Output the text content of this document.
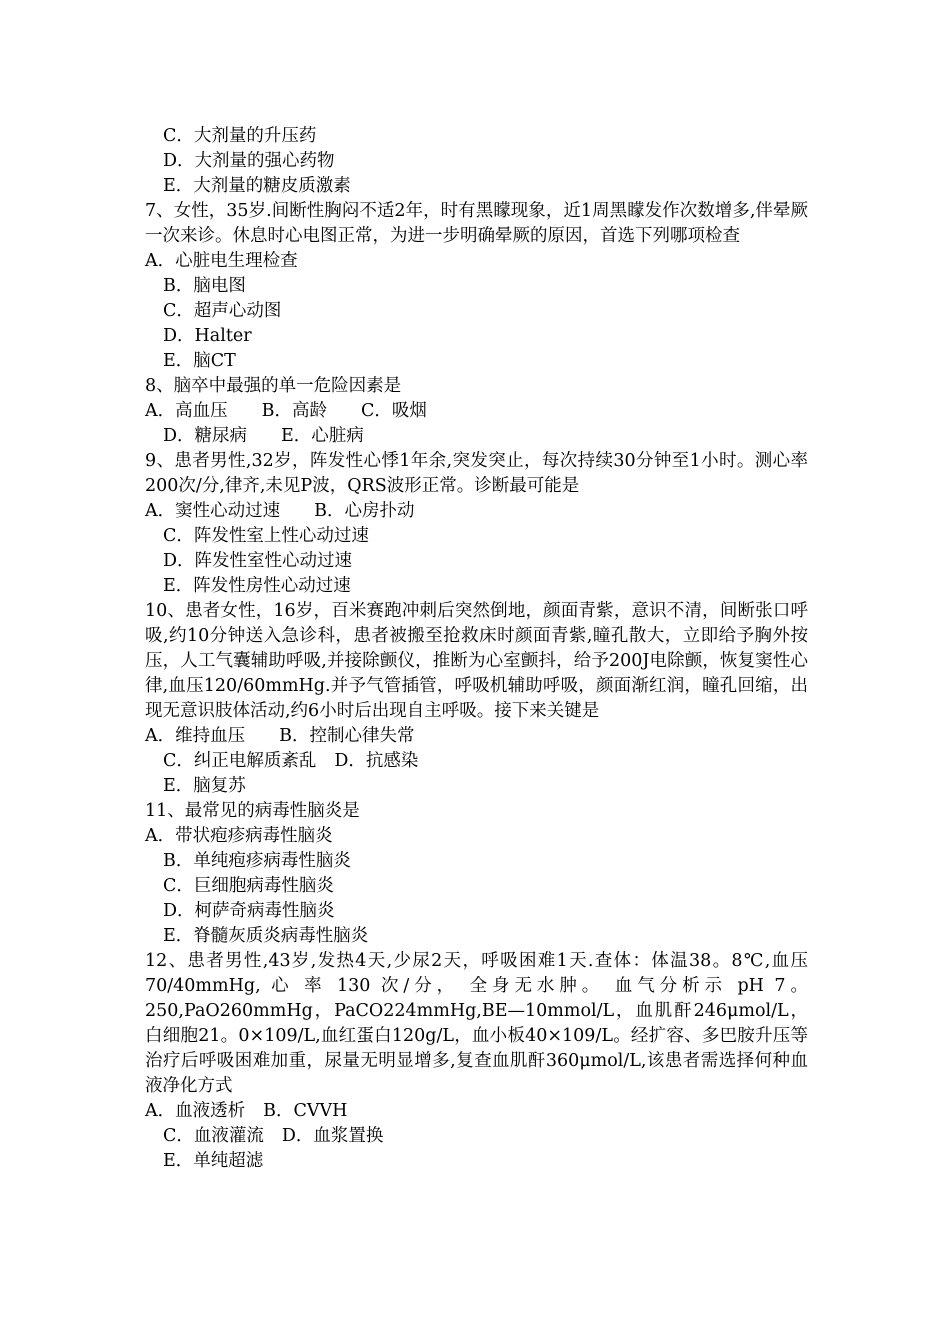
C．大剂量的升压药
D．大剂量的强心药物
E．大剂量的糖皮质激素
7、女性，35岁.间断性胸闷不适2年，时有黑矇现象，近1周黑矇发作次数增多,伴晕厥一次来诊。休息时心电图正常，为进一步明确晕厥的原因，首选下列哪项检查
A．心脏电生理检查
B．脑电图
C．超声心动图
D．Halter
E．脑CT
8、脑卒中最强的单一危险因素是
A．高血压 B．高龄 C．吸烟
D．糖尿病 E．心脏病
9、患者男性,32岁，阵发性心悸1年余,突发突止，每次持续30分钟至1小时。测心率200次/分,律齐,未见P波，QRS波形正常。诊断最可能是
A．窦性心动过速 B．心房扑动
C．阵发性室上性心动过速
D．阵发性室性心动过速
E．阵发性房性心动过速
10、患者女性，16岁，百米赛跑冲刺后突然倒地，颜面青紫，意识不清，间断张口呼吸,约10分钟送入急诊科，患者被搬至抢救床时颜面青紫,瞳孔散大，立即给予胸外按压，人工气囊辅助呼吸,并接除颤仪，推断为心室颤抖，给予200J电除颤，恢复窦性心律,血压120/60mmHg.并予气管插管，呼吸机辅助呼吸，颜面渐红润，瞳孔回缩，出现无意识肢体活动,约6小时后出现自主呼吸。接下来关键是
A．维持血压 B．控制心律失常
C．纠正电解质紊乱 D．抗感染
E．脑复苏
11、最常见的病毒性脑炎是
A．带状疱疹病毒性脑炎
B．单纯疱疹病毒性脑炎
C．巨细胞病毒性脑炎
D．柯萨奇病毒性脑炎
E．脊髓灰质炎病毒性脑炎
12、患者男性,43岁,发热4天,少尿2天，呼吸困难1天.查体：体温38。8℃,血压 70/40mmHg, 心 率 130 次/分， 全身无水肿。 血气分析示 pH 7。250,PaO260mmHg，PaCO224mmHg,BE—10mmol/L，血肌酐246μmol/L，白细胞21。0×109/L,血红蛋白120g/L，血小板40×109/L。经扩容、多巴胺升压等治疗后呼吸困难加重，尿量无明显增多,复查血肌酐360μmol/L,该患者需选择何种血液净化方式
A．血液透析 B．CVVH
C．血液灌流 D．血浆置换
E．单纯超滤
